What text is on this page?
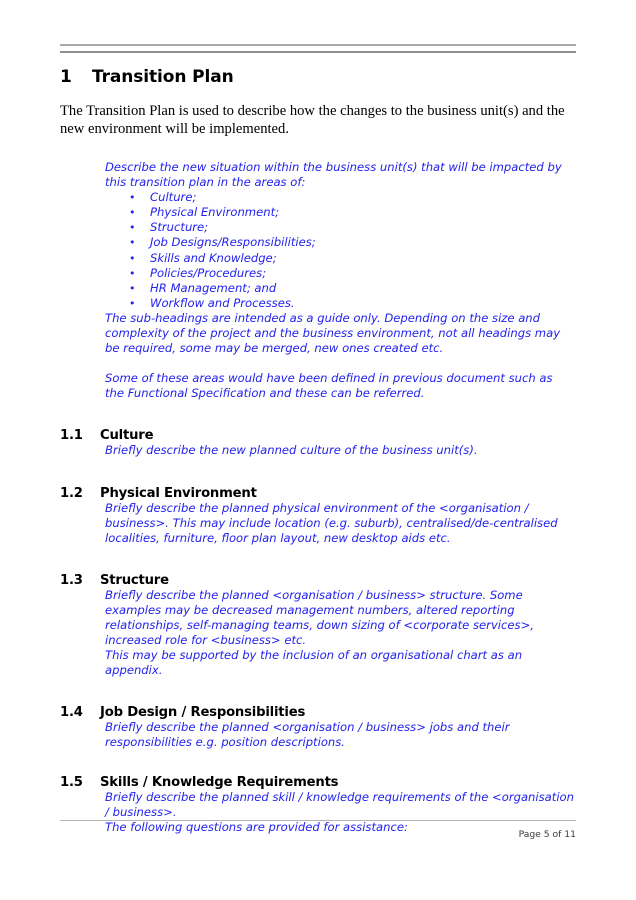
1	Transition Plan

The Transition Plan is used to describe how the changes to the business unit(s) and the new environment will be implemented.

Describe the new situation within the business unit(s) that will be impacted by this transition plan in the areas of:

• Culture;
• Physical Environment;
• Structure;
• Job Designs/Responsibilities;
• Skills and Knowledge;
• Policies/Procedures;
• HR Management; and
• Workflow and Processes.

The sub-headings are intended as a guide only. Depending on the size and complexity of the project and the business environment, not all headings may be required, some may be merged, new ones created etc.

Some of these areas would have been defined in previous document such as the Functional Specification and these can be referred.

1.1	Culture

Briefly describe the new planned culture of the business unit(s).

1.2	Physical Environment

Briefly describe the planned physical environment of the <organisation / business>. This may include location (e.g. suburb), centralised/de-centralised localities, furniture, floor plan layout, new desktop aids etc.

1.3	Structure

Briefly describe the planned <organisation / business> structure. Some examples may be decreased management numbers, altered reporting relationships, self-managing teams, down sizing of <corporate services>, increased role for <business> etc.

This may be supported by the inclusion of an organisational chart as an appendix.

1.4	Job Design / Responsibilities

Briefly describe the planned <organisation / business> jobs and their responsibilities e.g. position descriptions.

1.5	Skills / Knowledge Requirements

Briefly describe the planned skill / knowledge requirements of the <organisation / business>.

The following questions are provided for assistance:

Page 5 of 11
